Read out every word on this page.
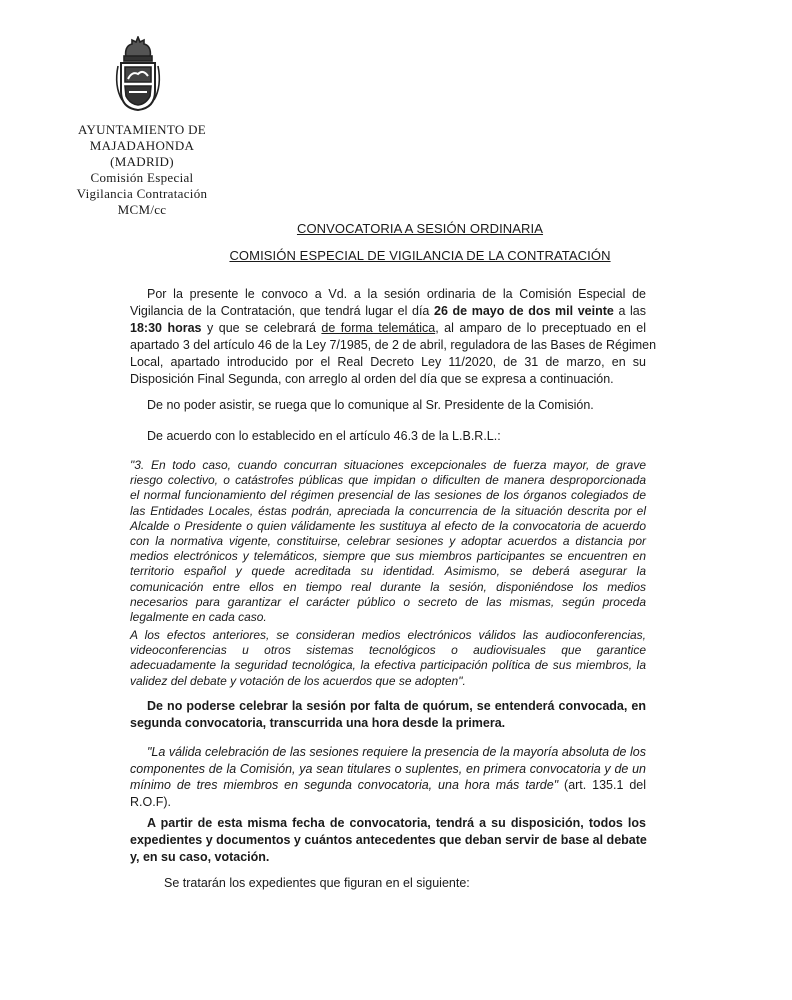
AYUNTAMIENTO DE
MAJADAHONDA
(MADRID)
Comisión Especial
Vigilancia Contratación
MCM/cc
CONVOCATORIA A SESIÓN ORDINARIA
COMISIÓN ESPECIAL DE VIGILANCIA DE LA CONTRATACIÓN
Por la presente le convoco a Vd. a la sesión ordinaria de la Comisión Especial de
Vigilancia de la Contratación, que tendrá lugar el día 26 de mayo de dos mil veinte a las
18:30 horas y que se celebrará de forma telemática, al amparo de lo preceptuado en el
apartado 3 del artículo 46 de la Ley 7/1985, de 2 de abril, reguladora de las Bases de Régimen
Local, apartado introducido por el Real Decreto Ley 11/2020, de 31 de marzo, en su
Disposición Final Segunda, con arreglo al orden del día que se expresa a continuación.
De no poder asistir, se ruega que lo comunique al Sr. Presidente de la Comisión.
De acuerdo con lo establecido en el artículo 46.3 de la L.B.R.L.:
"3. En todo caso, cuando concurran situaciones excepcionales de fuerza mayor, de grave
riesgo colectivo, o catástrofes públicas que impidan o dificulten de manera desproporcionada
el normal funcionamiento del régimen presencial de las sesiones de los órganos colegiados de
las Entidades Locales, éstas podrán, apreciada la concurrencia de la situación descrita por el
Alcalde o Presidente o quien válidamente les sustituya al efecto de la convocatoria de acuerdo
con la normativa vigente, constituirse, celebrar sesiones y adoptar acuerdos a distancia por
medios electrónicos y telemáticos, siempre que sus miembros participantes se encuentren en
territorio español y quede acreditada su identidad. Asimismo, se deberá asegurar la
comunicación entre ellos en tiempo real durante la sesión, disponiéndose los medios
necesarios para garantizar el carácter público o secreto de las mismas, según proceda
legalmente en cada caso.
A los efectos anteriores, se consideran medios electrónicos válidos las audioconferencias,
videoconferencias u otros sistemas tecnológicos o audiovisuales que garantice
adecuadamente la seguridad tecnológica, la efectiva participación política de sus miembros, la
validez del debate y votación de los acuerdos que se adopten".
De no poderse celebrar la sesión por falta de quórum, se entenderá convocada, en
segunda convocatoria, transcurrida una hora desde la primera.
"La válida celebración de las sesiones requiere la presencia de la mayoría absoluta de los
componentes de la Comisión, ya sean titulares o suplentes, en primera convocatoria y de un
mínimo de tres miembros en segunda convocatoria, una hora más tarde" (art. 135.1 del
R.O.F).
A partir de esta misma fecha de convocatoria, tendrá a su disposición, todos los
expedientes y documentos y cuántos antecedentes que deban servir de base al debate
y, en su caso, votación.
Se tratarán los expedientes que figuran en el siguiente:
